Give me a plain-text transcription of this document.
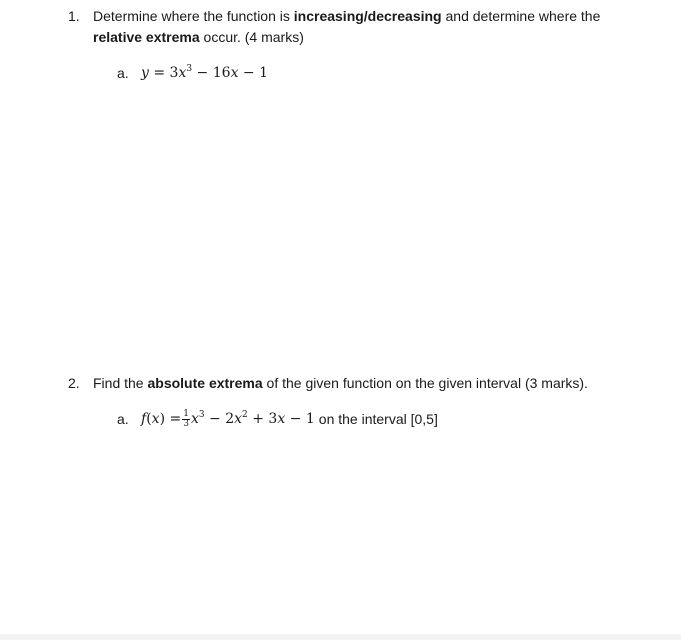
1. Determine where the function is increasing/decreasing and determine where the
relative extrema occur. (4 marks)
a. $y = 3x^3 - 16x - 1$
2. Find the absolute extrema of the given function on the given interval (3 marks).
a. $f(x) = \frac{1}{3} x^3 - 2x^2 + 3x - 1$ on the interval [0,5]
